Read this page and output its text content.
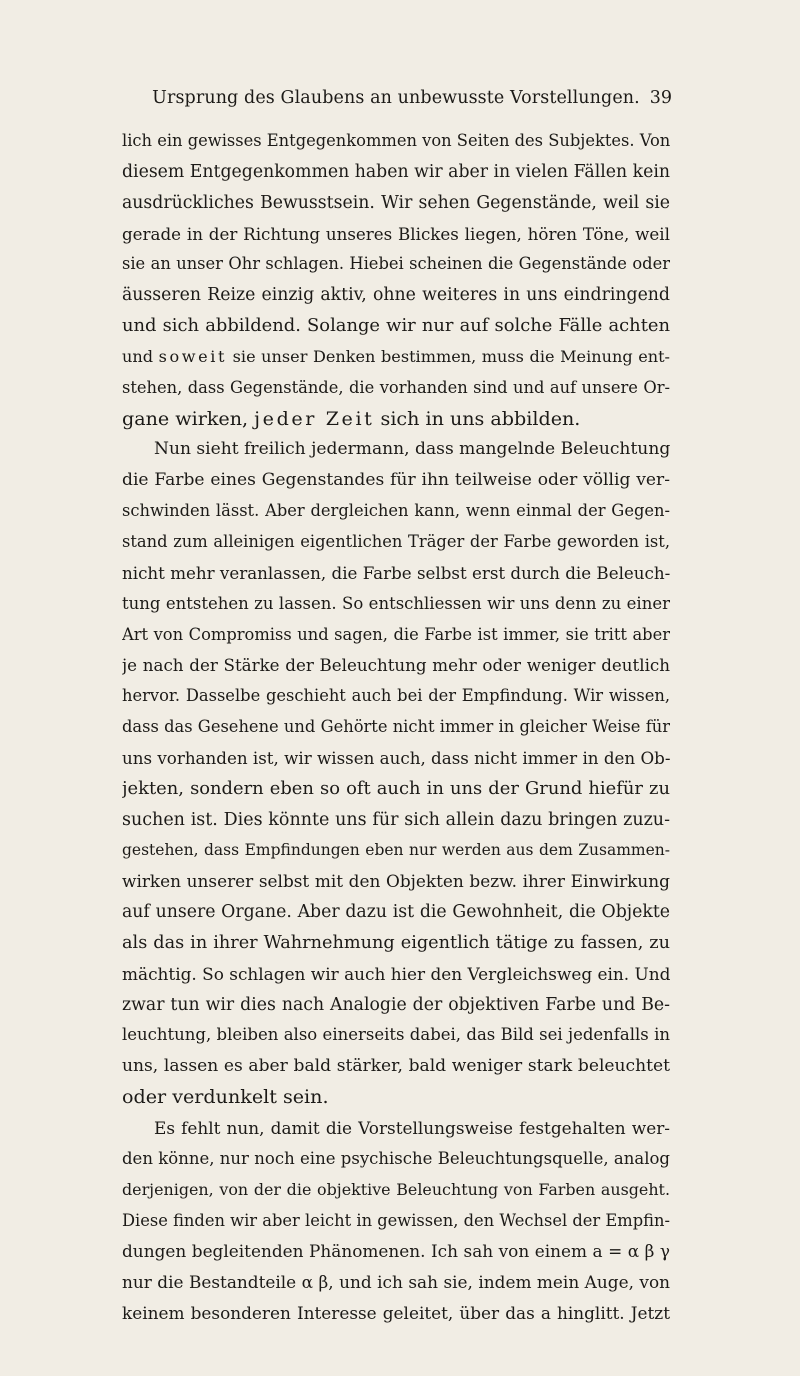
Ursprung des Glaubens an unbewusste Vorstellungen. 39
lich ein gewisses Entgegenkommen von Seiten des Subjektes. Von
diesem Entgegenkommen haben wir aber in vielen Fällen kein
ausdrückliches Bewusstsein. Wir sehen Gegenstände, weil sie
gerade in der Richtung unseres Blickes liegen, hören Töne, weil
sie an unser Ohr schlagen. Hiebei scheinen die Gegenstände oder
äusseren Reize einzig aktiv, ohne weiteres in uns eindringend
und sich abbildend. Solange wir nur auf solche Fälle achten
und soweit sie unser Denken bestimmen, muss die Meinung ent-
stehen, dass Gegenstände, die vorhanden sind und auf unsere Or-
gane wirken, jeder Zeit sich in uns abbilden.
Nun sieht freilich jedermann, dass mangelnde Beleuchtung
die Farbe eines Gegenstandes für ihn teilweise oder völlig ver-
schwinden lässt. Aber dergleichen kann, wenn einmal der Gegen-
stand zum alleinigen eigentlichen Träger der Farbe geworden ist,
nicht mehr veranlassen, die Farbe selbst erst durch die Beleuch-
tung entstehen zu lassen. So entschliessen wir uns denn zu einer
Art von Compromiss und sagen, die Farbe ist immer, sie tritt aber
je nach der Stärke der Beleuchtung mehr oder weniger deutlich
hervor. Dasselbe geschieht auch bei der Empfindung. Wir wissen,
dass das Gesehene und Gehörte nicht immer in gleicher Weise für
uns vorhanden ist, wir wissen auch, dass nicht immer in den Ob-
jekten, sondern eben so oft auch in uns der Grund hiefür zu
suchen ist. Dies könnte uns für sich allein dazu bringen zuzu-
gestehen, dass Empfindungen eben nur werden aus dem Zusammen-
wirken unserer selbst mit den Objekten bezw. ihrer Einwirkung
auf unsere Organe. Aber dazu ist die Gewohnheit, die Objekte
als das in ihrer Wahrnehmung eigentlich tätige zu fassen, zu
mächtig. So schlagen wir auch hier den Vergleichsweg ein. Und
zwar tun wir dies nach Analogie der objektiven Farbe und Be-
leuchtung, bleiben also einerseits dabei, das Bild sei jedenfalls in
uns, lassen es aber bald stärker, bald weniger stark beleuchtet
oder verdunkelt sein.
Es fehlt nun, damit die Vorstellungsweise festgehalten wer-
den könne, nur noch eine psychische Beleuchtungsquelle, analog
derjenigen, von der die objektive Beleuchtung von Farben ausgeht.
Diese finden wir aber leicht in gewissen, den Wechsel der Empfin-
dungen begleitenden Phänomenen. Ich sah von einem a = α β γ
nur die Bestandteile α β, und ich sah sie, indem mein Auge, von
keinem besonderen Interesse geleitet, über das a hinglitt. Jetzt
